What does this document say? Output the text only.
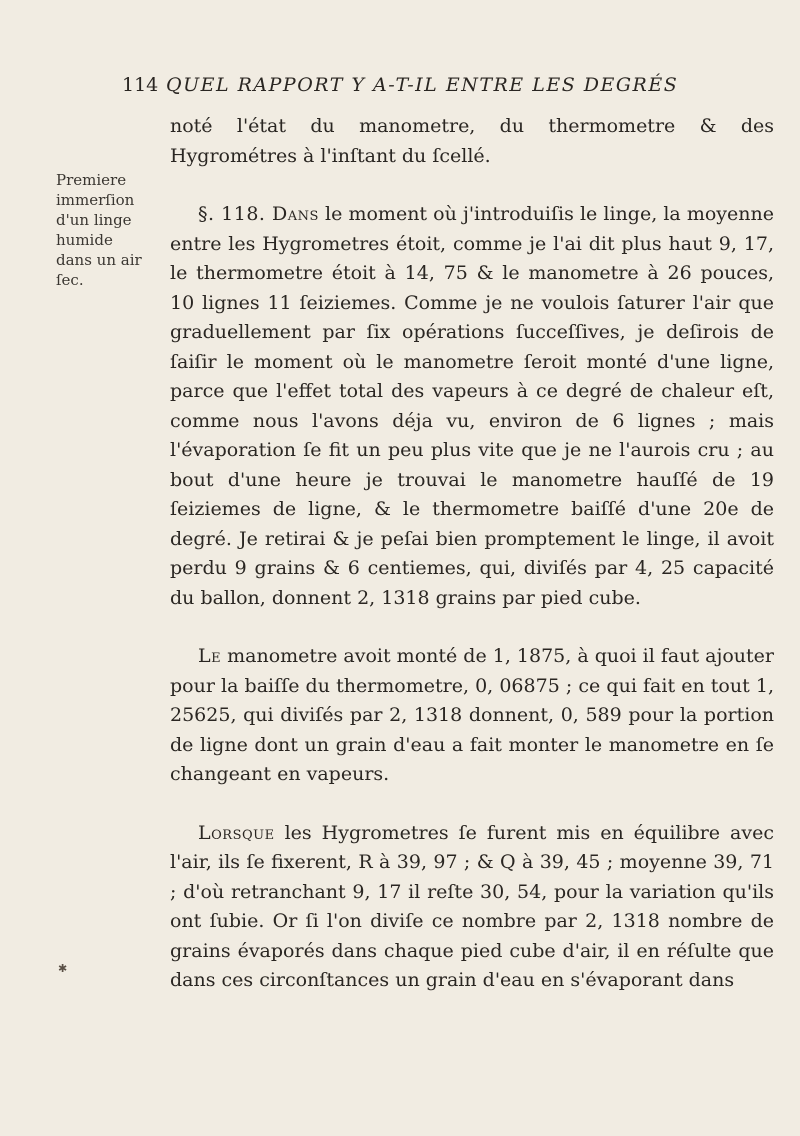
114 QUEL RAPPORT Y A-T-IL ENTRE LES DEGRÉS
Premiere
immerſion
d'un linge
humide
dans un air
ſec.
✱

noté l'état du manometre, du thermometre & des Hygrométres à l'inſtant du ſcellé.

§. 118. Dans le moment où j'introduiſis le linge, la moyenne entre les Hygrometres étoit, comme je l'ai dit plus haut 9, 17, le thermometre étoit à 14, 75 & le manometre à 26 pouces, 10 lignes 11 ſeiziemes. Comme je ne voulois ſaturer l'air que graduellement par ſix opérations ſucceſſives, je deſirois de ſaiſir le moment où le manometre ſeroit monté d'une ligne, parce que l'effet total des vapeurs à ce degré de chaleur eſt, comme nous l'avons déja vu, environ de 6 lignes ; mais l'évaporation ſe fit un peu plus vite que je ne l'aurois cru ; au bout d'une heure je trouvai le manometre hauſſé de 19 ſeiziemes de ligne, & le thermometre baiſſé d'une 20e de degré. Je retirai & je peſai bien promptement le linge, il avoit perdu 9 grains & 6 centiemes, qui, diviſés par 4, 25 capacité du ballon, donnent 2, 1318 grains par pied cube.

Le manometre avoit monté de 1, 1875, à quoi il faut ajouter pour la baiſſe du thermometre, 0, 06875 ; ce qui fait en tout 1, 25625, qui diviſés par 2, 1318 donnent, 0, 589 pour la portion de ligne dont un grain d'eau a fait monter le manometre en ſe changeant en vapeurs.

Lorsque les Hygrometres ſe furent mis en équilibre avec l'air, ils ſe fixerent, R à 39, 97 ; & Q à 39, 45 ; moyenne 39, 71 ; d'où retranchant 9, 17 il reſte 30, 54, pour la variation qu'ils ont ſubie. Or ſi l'on diviſe ce nombre par 2, 1318 nombre de grains évaporés dans chaque pied cube d'air, il en réſulte que dans ces circonſtances un grain d'eau en s'évaporant dans
